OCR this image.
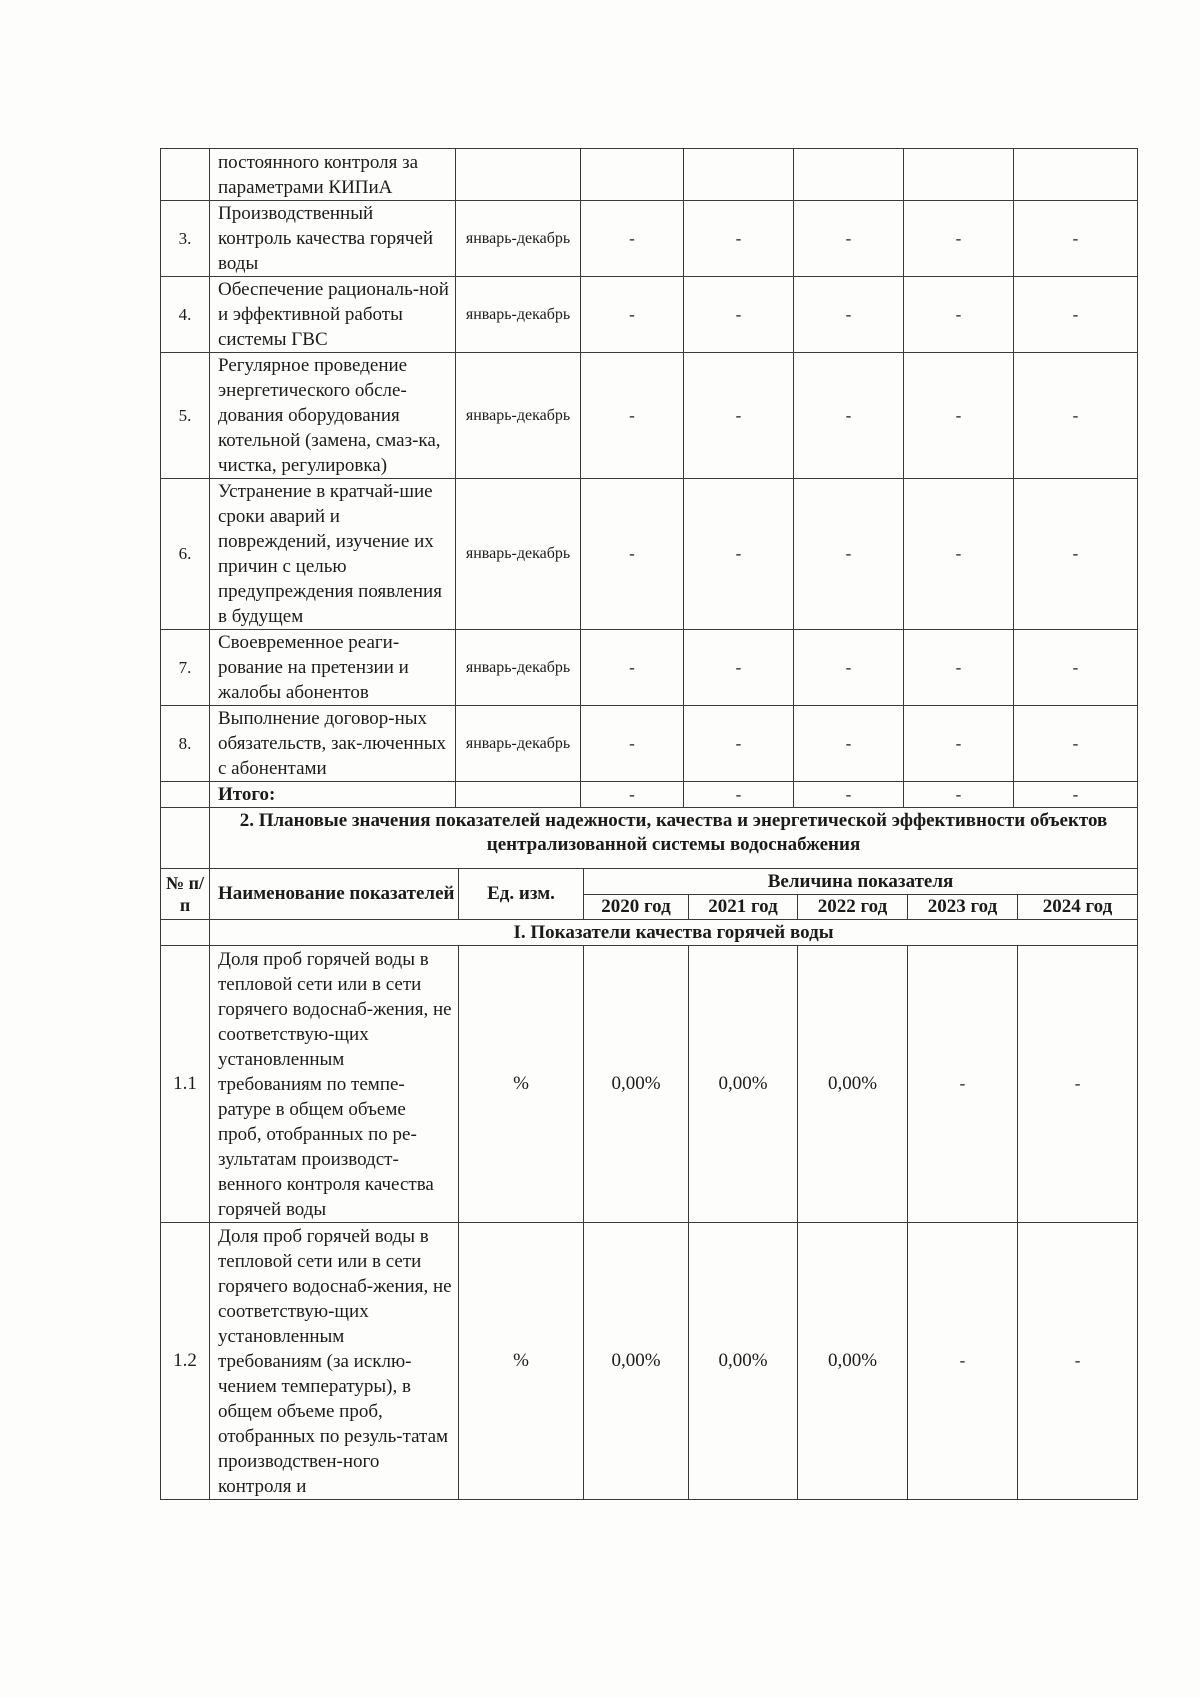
	постоянного контроля за параметрами КИПиА						
3.	Производственный контроль качества горячей воды	январь-декабрь	-	-	-	-	-
4.	Обеспечение рациональ-ной и эффективной работы системы ГВС	январь-декабрь	-	-	-	-	-
5.	Регулярное проведение энергетического обсле-дования оборудования котельной (замена, смаз-ка, чистка, регулировка)	январь-декабрь	-	-	-	-	-
6.	Устранение в кратчай-шие сроки аварий и повреждений, изучение их причин с целью предупреждения появления в будущем	январь-декабрь	-	-	-	-	-
7.	Своевременное реаги-рование на претензии и жалобы абонентов	январь-декабрь	-	-	-	-	-
8.	Выполнение договор-ных обязательств, зак-люченных с абонентами	январь-декабрь	-	-	-	-	-
	Итого:		-	-	-	-	-
	2. Плановые значения показателей надежности, качества и энергетической эффективности объектов централизованной системы водоснабжения
№ п/п	Наименование показателей	Ед. изм.	Величина показателя				
			2020 год	2021 год	2022 год	2023 год	2024 год
	I. Показатели качества горячей воды						
1.1	Доля проб горячей воды в тепловой сети или в сети горячего водоснаб-жения, не соответствую-щих установленным требованиям по темпе-ратуре в общем объеме проб, отобранных по ре-зультатам производст-венного контроля качества горячей воды	%	0,00%	0,00%	0,00%	-	-
1.2	Доля проб горячей воды в тепловой сети или в сети горячего водоснаб-жения, не соответствую-щих установленным требованиям (за исклю-чением температуры), в общем объеме проб, отобранных по резуль-татам производствен-ного контроля и	%	0,00%	0,00%	0,00%	-	-
